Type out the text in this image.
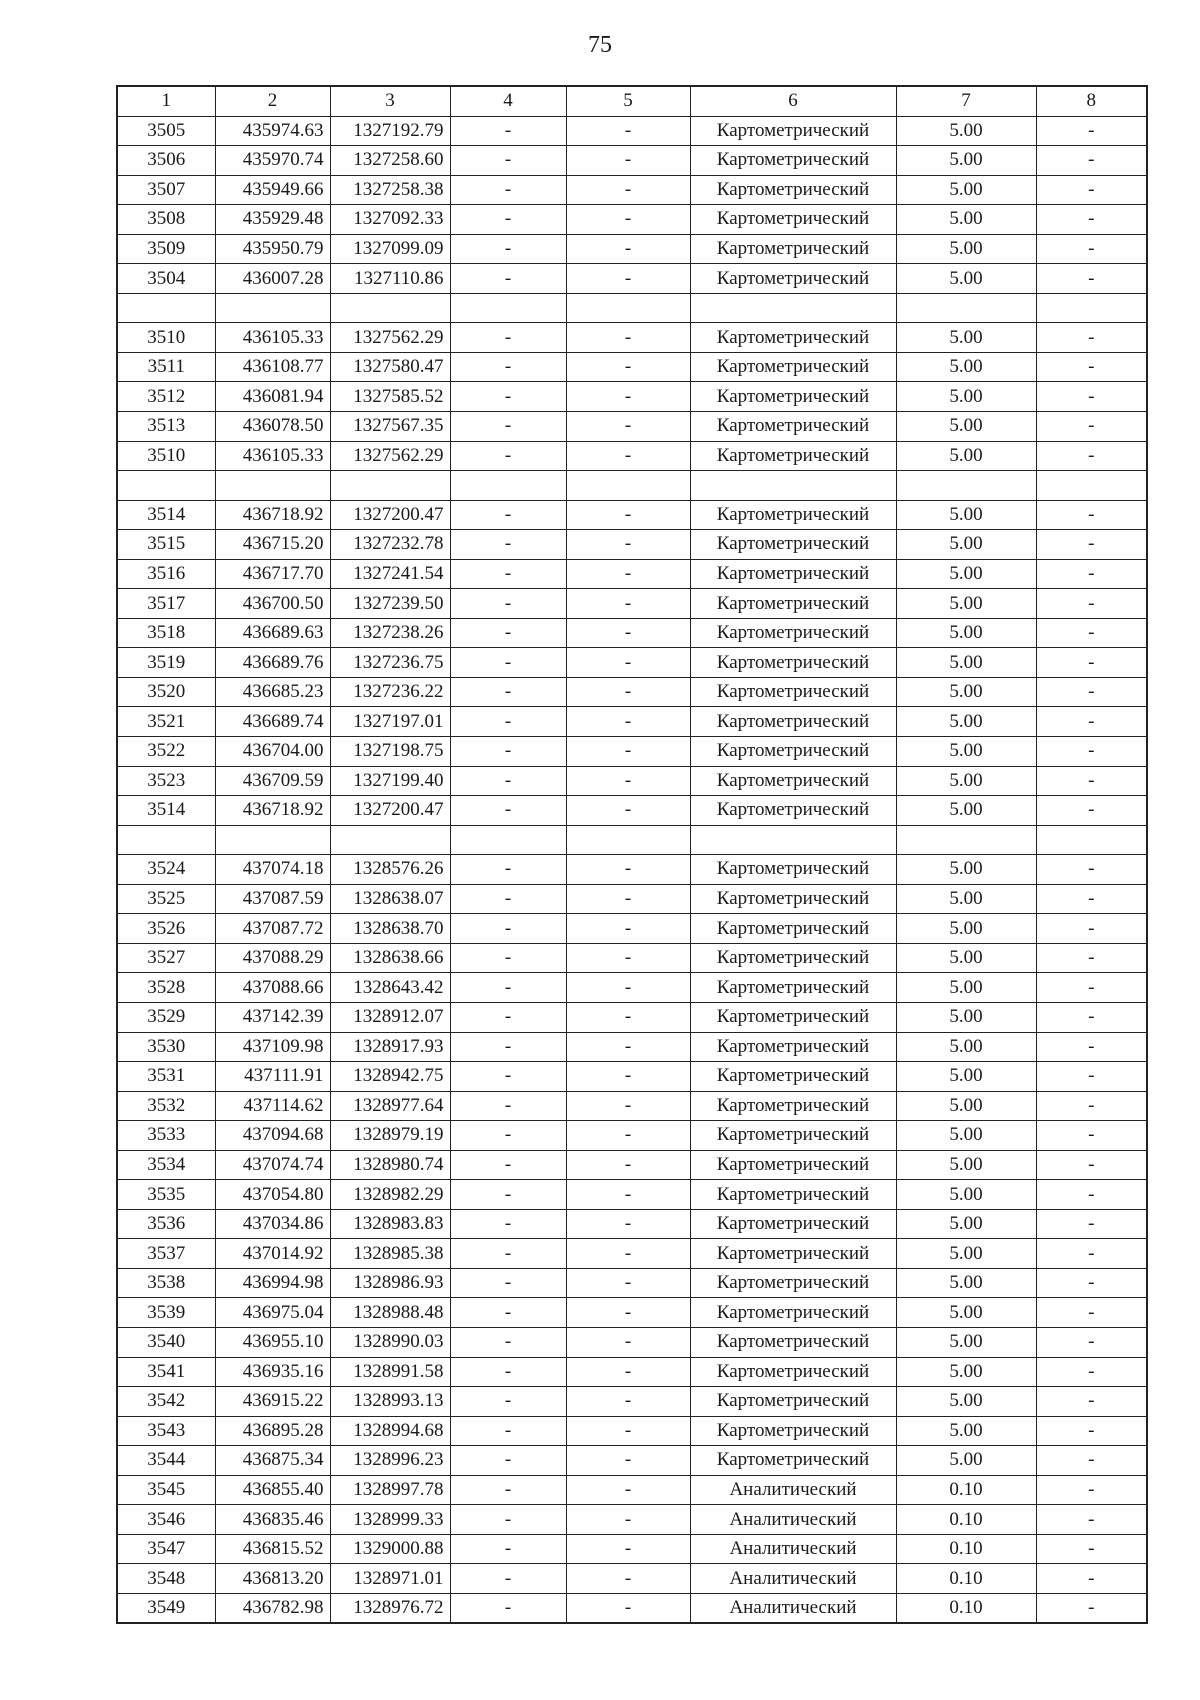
75
1	2	3	4	5	6	7	8
3505	435974.63	1327192.79	-	-	Картометрический	5.00	-
3506	435970.74	1327258.60	-	-	Картометрический	5.00	-
3507	435949.66	1327258.38	-	-	Картометрический	5.00	-
3508	435929.48	1327092.33	-	-	Картометрический	5.00	-
3509	435950.79	1327099.09	-	-	Картометрический	5.00	-
3504	436007.28	1327110.86	-	-	Картометрический	5.00	-

3510	436105.33	1327562.29	-	-	Картометрический	5.00	-
3511	436108.77	1327580.47	-	-	Картометрический	5.00	-
3512	436081.94	1327585.52	-	-	Картометрический	5.00	-
3513	436078.50	1327567.35	-	-	Картометрический	5.00	-
3510	436105.33	1327562.29	-	-	Картометрический	5.00	-

3514	436718.92	1327200.47	-	-	Картометрический	5.00	-
3515	436715.20	1327232.78	-	-	Картометрический	5.00	-
3516	436717.70	1327241.54	-	-	Картометрический	5.00	-
3517	436700.50	1327239.50	-	-	Картометрический	5.00	-
3518	436689.63	1327238.26	-	-	Картометрический	5.00	-
3519	436689.76	1327236.75	-	-	Картометрический	5.00	-
3520	436685.23	1327236.22	-	-	Картометрический	5.00	-
3521	436689.74	1327197.01	-	-	Картометрический	5.00	-
3522	436704.00	1327198.75	-	-	Картометрический	5.00	-
3523	436709.59	1327199.40	-	-	Картометрический	5.00	-
3514	436718.92	1327200.47	-	-	Картометрический	5.00	-

3524	437074.18	1328576.26	-	-	Картометрический	5.00	-
3525	437087.59	1328638.07	-	-	Картометрический	5.00	-
3526	437087.72	1328638.70	-	-	Картометрический	5.00	-
3527	437088.29	1328638.66	-	-	Картометрический	5.00	-
3528	437088.66	1328643.42	-	-	Картометрический	5.00	-
3529	437142.39	1328912.07	-	-	Картометрический	5.00	-
3530	437109.98	1328917.93	-	-	Картометрический	5.00	-
3531	437111.91	1328942.75	-	-	Картометрический	5.00	-
3532	437114.62	1328977.64	-	-	Картометрический	5.00	-
3533	437094.68	1328979.19	-	-	Картометрический	5.00	-
3534	437074.74	1328980.74	-	-	Картометрический	5.00	-
3535	437054.80	1328982.29	-	-	Картометрический	5.00	-
3536	437034.86	1328983.83	-	-	Картометрический	5.00	-
3537	437014.92	1328985.38	-	-	Картометрический	5.00	-
3538	436994.98	1328986.93	-	-	Картометрический	5.00	-
3539	436975.04	1328988.48	-	-	Картометрический	5.00	-
3540	436955.10	1328990.03	-	-	Картометрический	5.00	-
3541	436935.16	1328991.58	-	-	Картометрический	5.00	-
3542	436915.22	1328993.13	-	-	Картометрический	5.00	-
3543	436895.28	1328994.68	-	-	Картометрический	5.00	-
3544	436875.34	1328996.23	-	-	Картометрический	5.00	-
3545	436855.40	1328997.78	-	-	Аналитический	0.10	-
3546	436835.46	1328999.33	-	-	Аналитический	0.10	-
3547	436815.52	1329000.88	-	-	Аналитический	0.10	-
3548	436813.20	1328971.01	-	-	Аналитический	0.10	-
3549	436782.98	1328976.72	-	-	Аналитический	0.10	-
